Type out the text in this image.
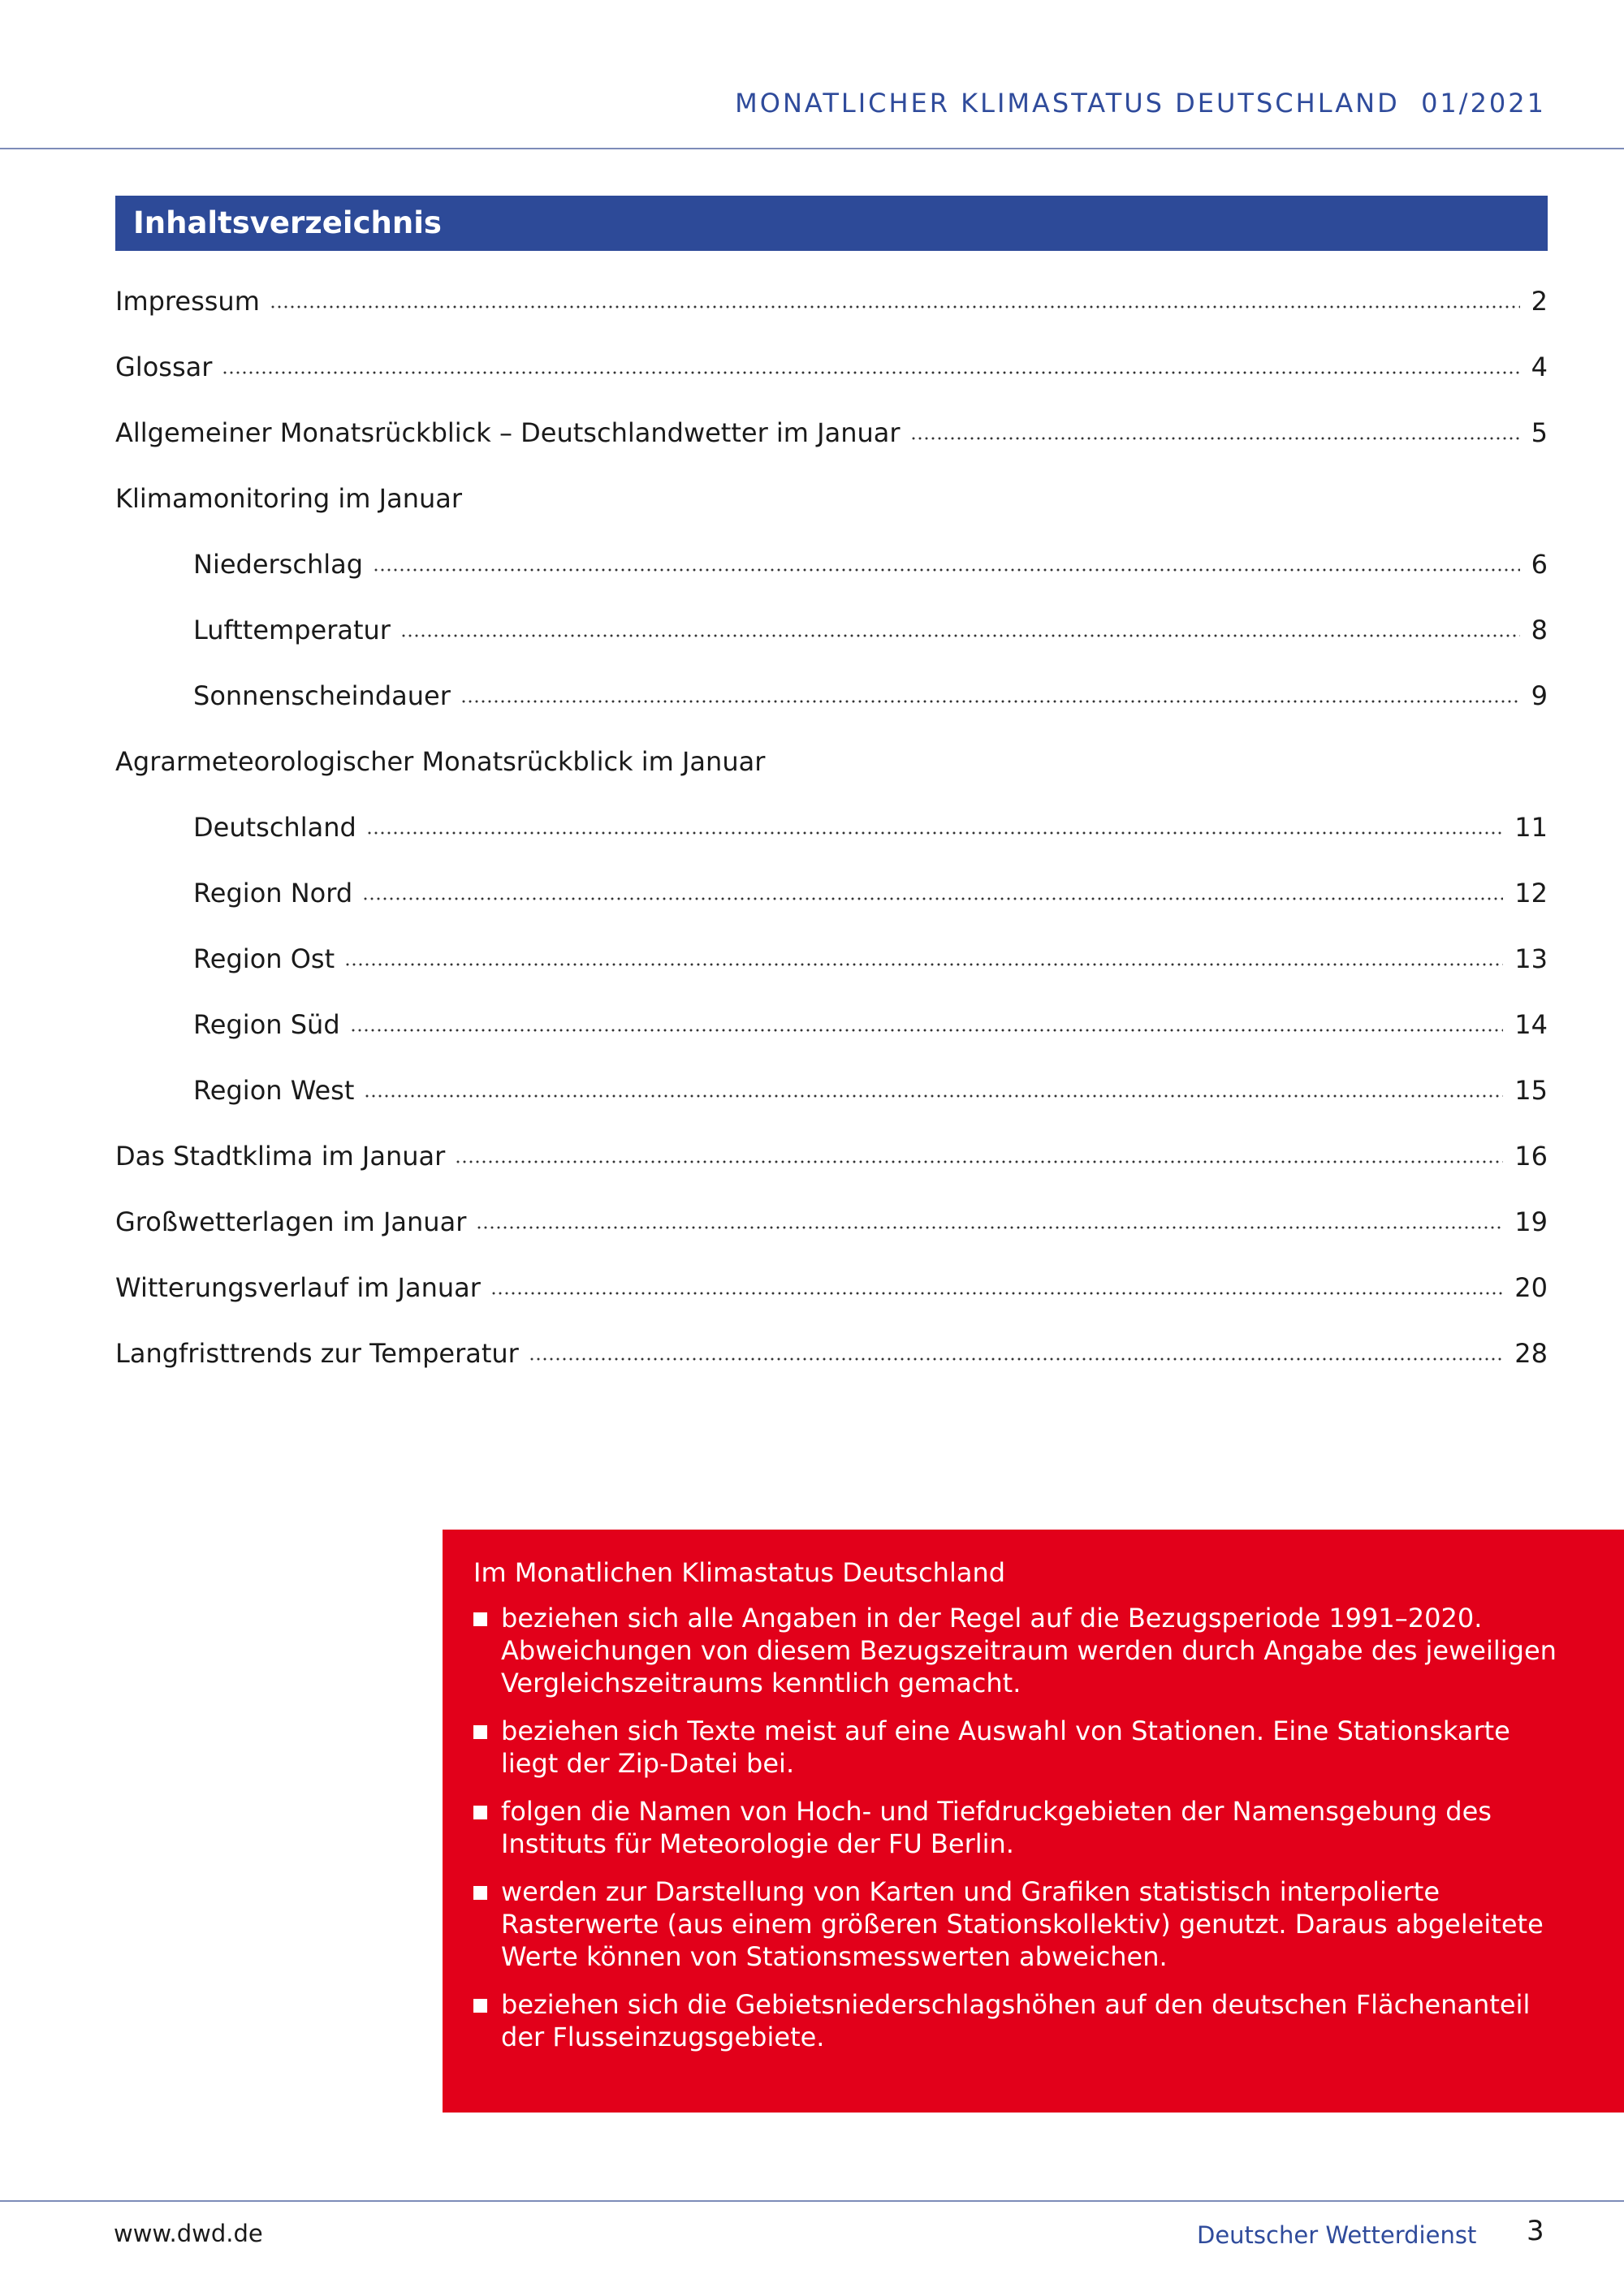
MONATLICHER KLIMASTATUS DEUTSCHLAND 01/2021
Inhaltsverzeichnis
Impressum	2
Glossar	4
Allgemeiner Monatsrückblick – Deutschlandwetter im Januar	5
Klimamonitoring im Januar
Niederschlag	6
Lufttemperatur	8
Sonnenscheindauer	9
Agrarmeteorologischer Monatsrückblick im Januar
Deutschland	11
Region Nord	12
Region Ost	13
Region Süd	14
Region West	15
Das Stadtklima im Januar	16
Großwetterlagen im Januar	19
Witterungsverlauf im Januar	20
Langfristtrends zur Temperatur	28
Im Monatlichen Klimastatus Deutschland
beziehen sich alle Angaben in der Regel auf die Bezugsperiode 1991–2020. Abweichungen von diesem Bezugszeitraum werden durch Angabe des jeweiligen Vergleichszeitraums kenntlich gemacht.
beziehen sich Texte meist auf eine Auswahl von Stationen. Eine Stationskarte liegt der Zip-Datei bei.
folgen die Namen von Hoch- und Tiefdruckgebieten der Namensgebung des Instituts für Meteorologie der FU Berlin.
werden zur Darstellung von Karten und Grafiken statistisch interpolierte Rasterwerte (aus einem größeren Stationskollektiv) genutzt. Daraus abgeleitete Werte können von Stationsmesswerten abweichen.
beziehen sich die Gebietsniederschlagshöhen auf den deutschen Flächenanteil der Flusseinzugsgebiete.
www.dwd.de	Deutscher Wetterdienst 3
